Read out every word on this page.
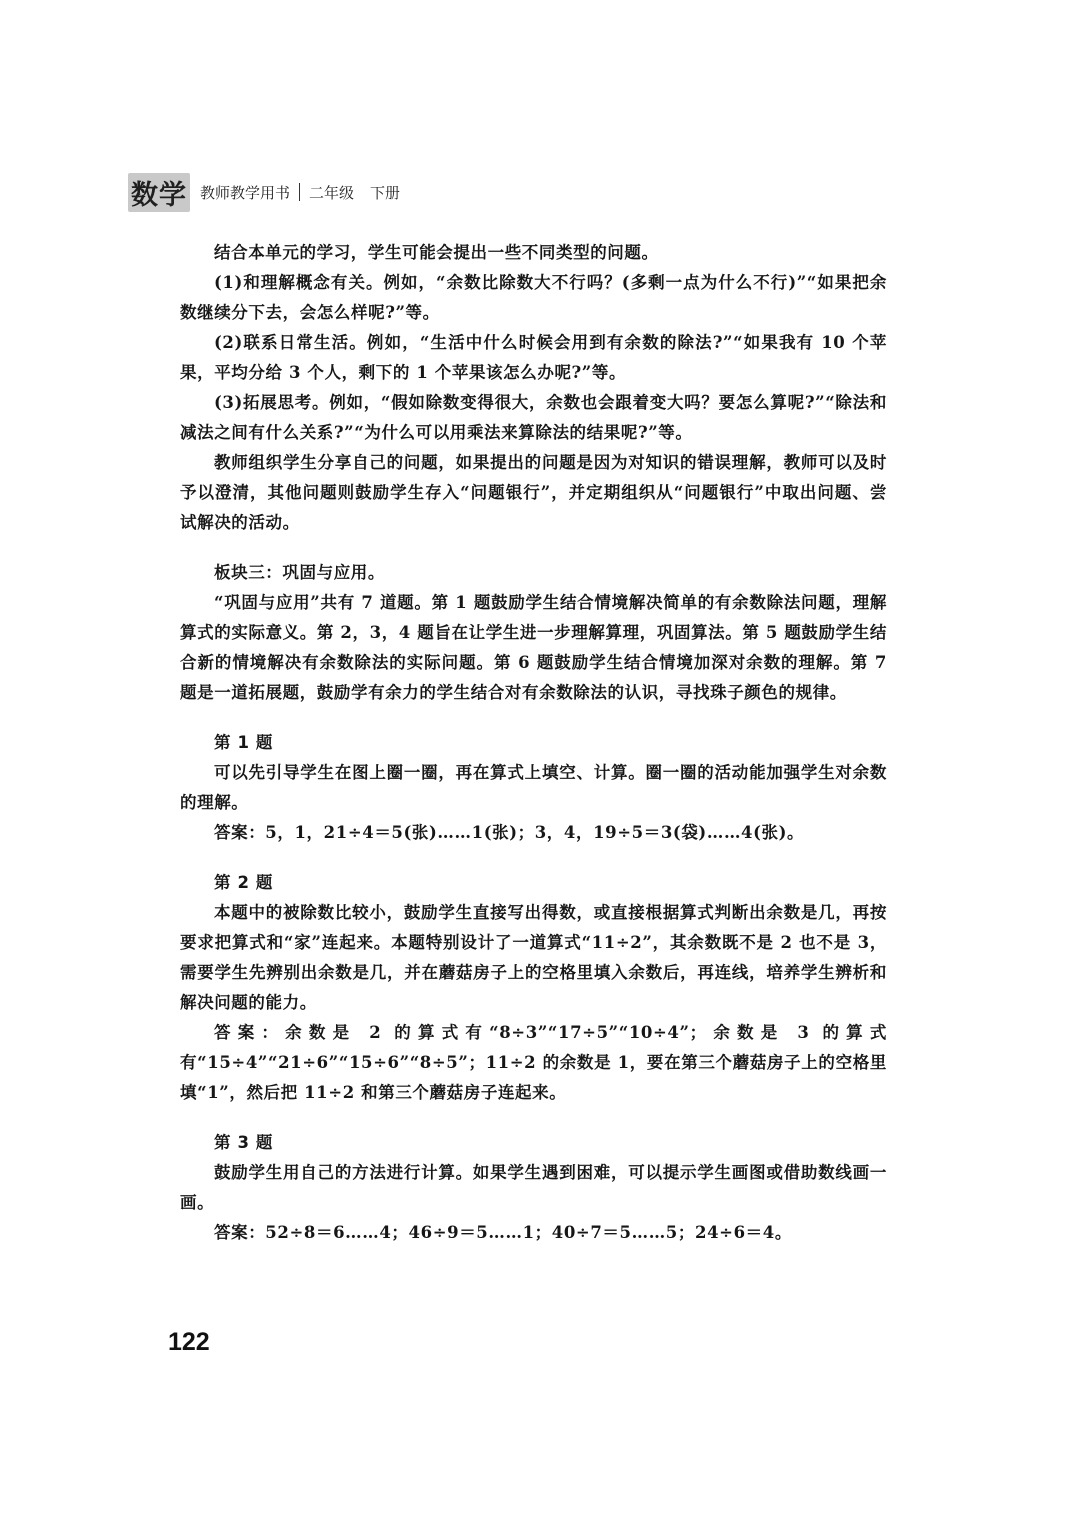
数学 教师教学用书 二年级 下册

结合本单元的学习，学生可能会提出一些不同类型的问题。

(1)和理解概念有关。例如，“余数比除数大不行吗？(多剩一点为什么不行)”“如果把余数继续分下去，会怎么样呢?”等。

(2)联系日常生活。例如，“生活中什么时候会用到有余数的除法?”“如果我有 10 个苹果，平均分给 3 个人，剩下的 1 个苹果该怎么办呢?”等。

(3)拓展思考。例如，“假如除数变得很大，余数也会跟着变大吗？要怎么算呢?”“除法和减法之间有什么关系?”“为什么可以用乘法来算除法的结果呢?”等。

教师组织学生分享自己的问题，如果提出的问题是因为对知识的错误理解，教师可以及时予以澄清，其他问题则鼓励学生存入“问题银行”，并定期组织从“问题银行”中取出问题、尝试解决的活动。

板块三：巩固与应用。

“巩固与应用”共有 7 道题。第 1 题鼓励学生结合情境解决简单的有余数除法问题，理解算式的实际意义。第 2，3，4 题旨在让学生进一步理解算理，巩固算法。第 5 题鼓励学生结合新的情境解决有余数除法的实际问题。第 6 题鼓励学生结合情境加深对余数的理解。第 7 题是一道拓展题，鼓励学有余力的学生结合对有余数除法的认识，寻找珠子颜色的规律。

第 1 题

可以先引导学生在图上圈一圈，再在算式上填空、计算。圈一圈的活动能加强学生对余数的理解。

答案：5，1，21÷4＝5(张)……1(张)；3，4，19÷5＝3(袋)……4(张)。

第 2 题

本题中的被除数比较小，鼓励学生直接写出得数，或直接根据算式判断出余数是几，再按要求把算式和“家”连起来。本题特别设计了一道算式“11÷2”，其余数既不是 2 也不是 3，需要学生先辨别出余数是几，并在蘑菇房子上的空格里填入余数后，再连线，培养学生辨析和解决问题的能力。

答案：余数是 2 的算式有“8÷3”“17÷5”“10÷4”；余数是 3 的算式有“15÷4”“21÷6”“15÷6”“8÷5”；11÷2 的余数是 1，要在第三个蘑菇房子上的空格里填“1”，然后把 11÷2 和第三个蘑菇房子连起来。

第 3 题

鼓励学生用自己的方法进行计算。如果学生遇到困难，可以提示学生画图或借助数线画一画。

答案：52÷8＝6……4；46÷9＝5……1；40÷7＝5……5；24÷6＝4。

122
